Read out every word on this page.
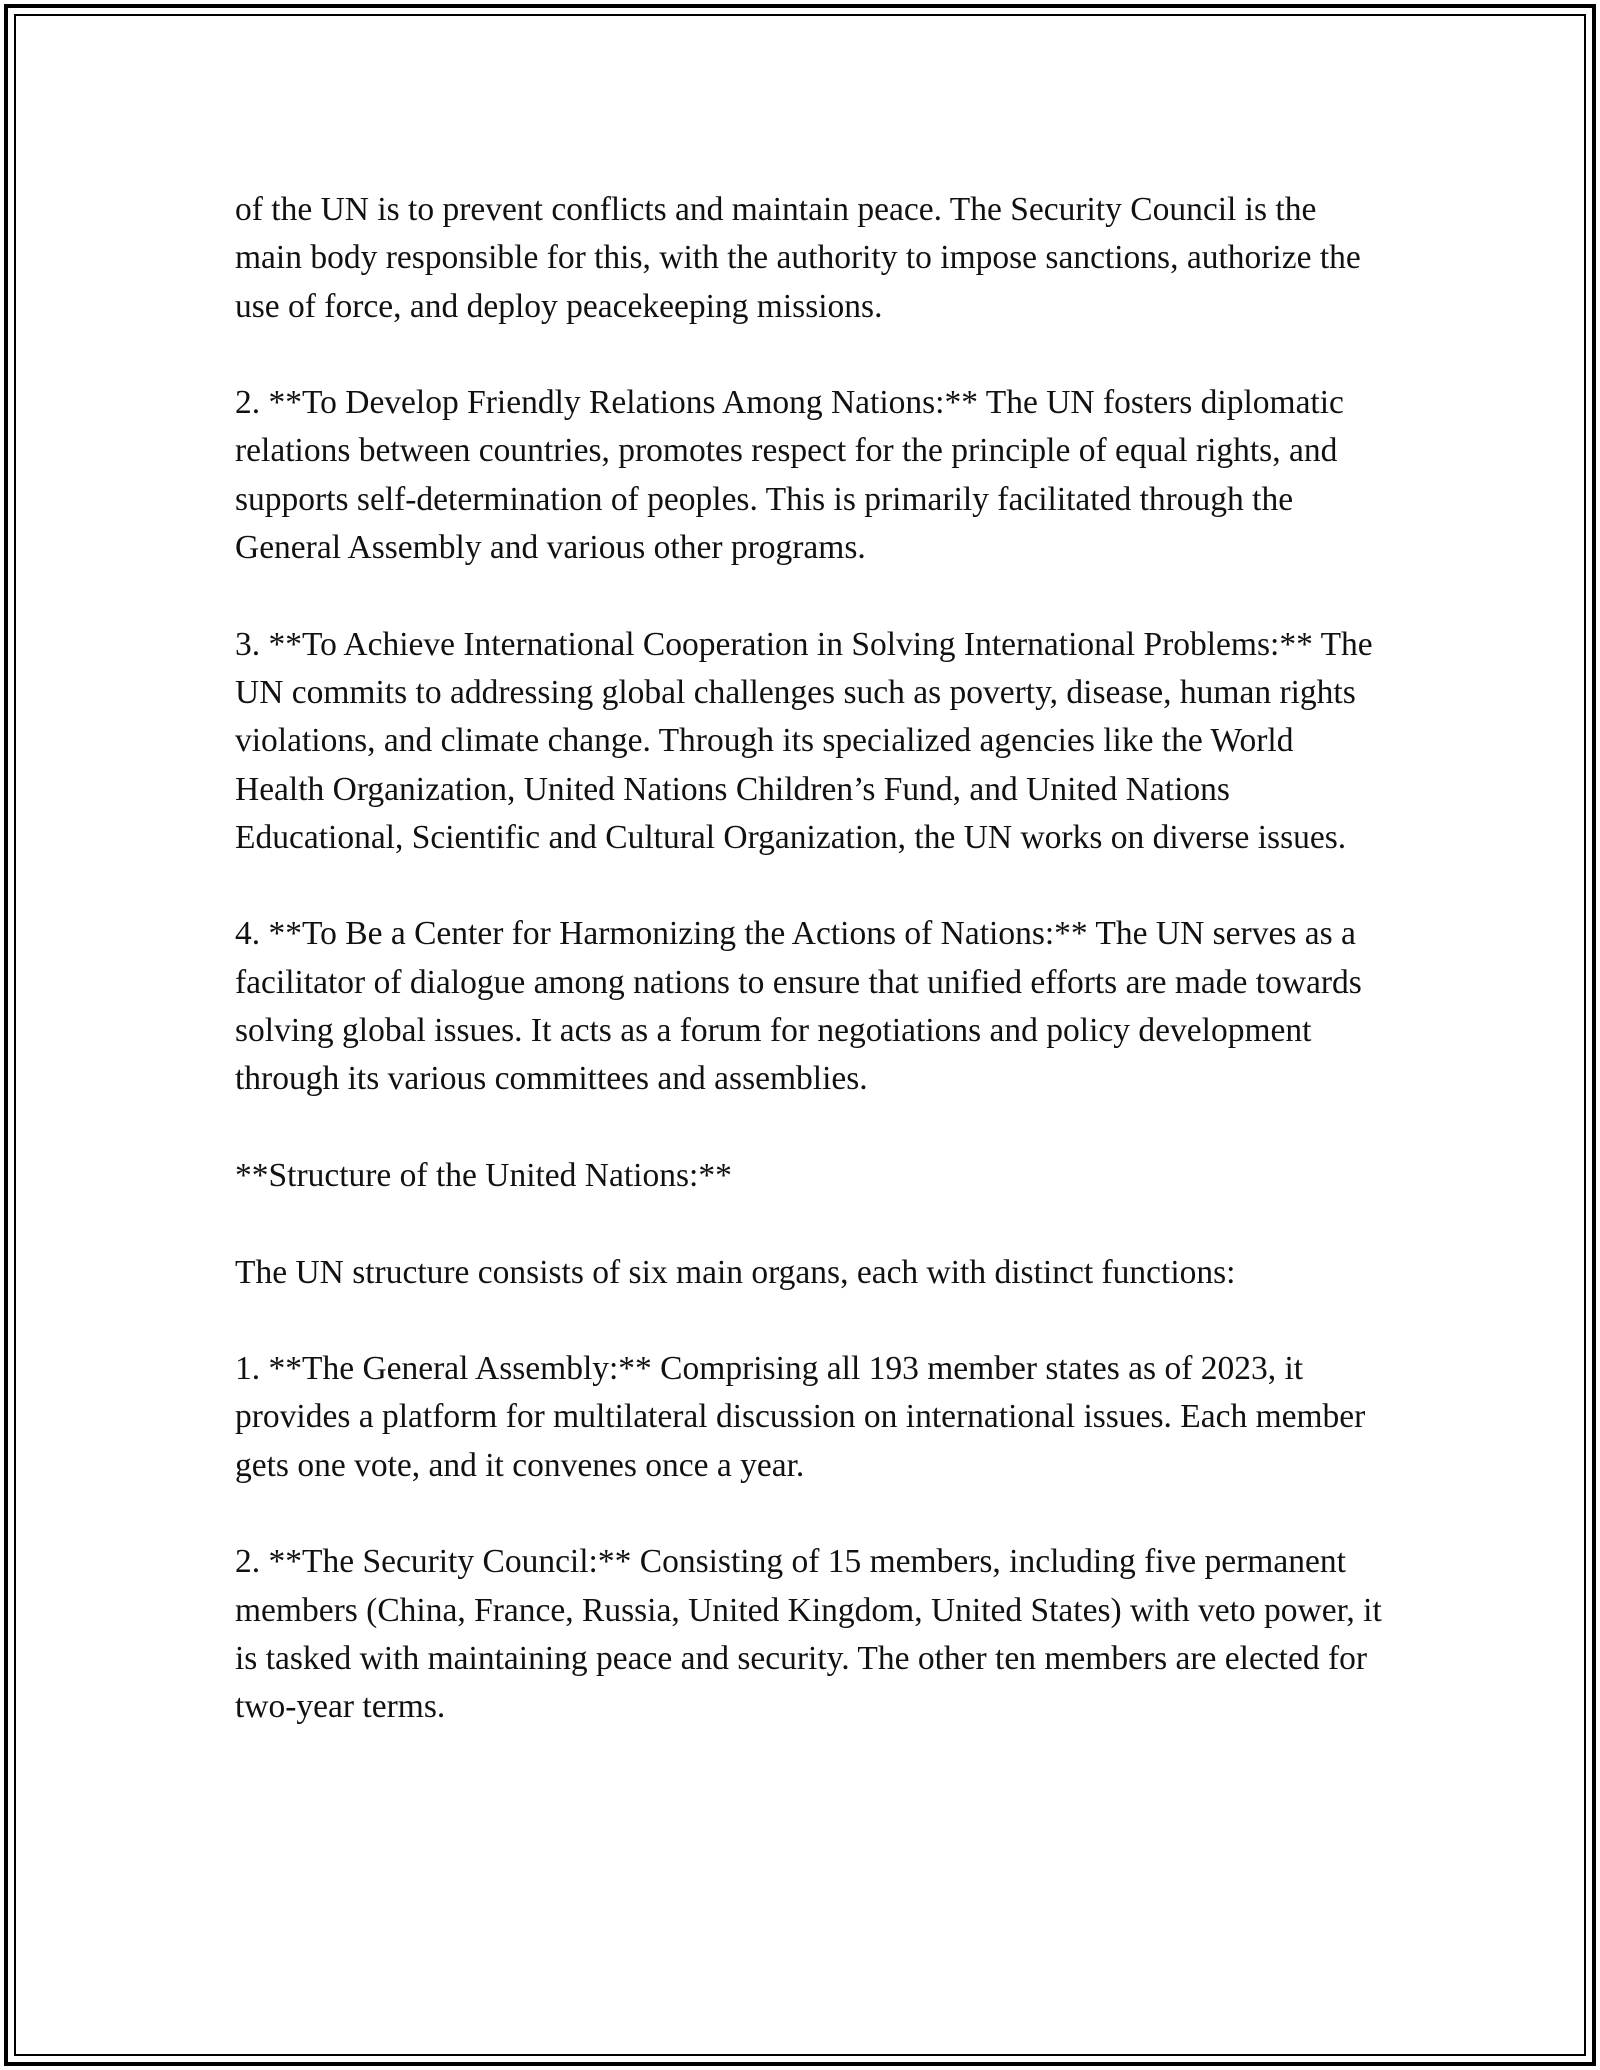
of the UN is to prevent conflicts and maintain peace. The Security Council is the main body responsible for this, with the authority to impose sanctions, authorize the use of force, and deploy peacekeeping missions.

2. **To Develop Friendly Relations Among Nations:** The UN fosters diplomatic relations between countries, promotes respect for the principle of equal rights, and supports self-determination of peoples. This is primarily facilitated through the General Assembly and various other programs.

3. **To Achieve International Cooperation in Solving International Problems:** The UN commits to addressing global challenges such as poverty, disease, human rights violations, and climate change. Through its specialized agencies like the World Health Organization, United Nations Children’s Fund, and United Nations Educational, Scientific and Cultural Organization, the UN works on diverse issues.

4. **To Be a Center for Harmonizing the Actions of Nations:** The UN serves as a facilitator of dialogue among nations to ensure that unified efforts are made towards solving global issues. It acts as a forum for negotiations and policy development through its various committees and assemblies.

**Structure of the United Nations:**

The UN structure consists of six main organs, each with distinct functions:

1. **The General Assembly:** Comprising all 193 member states as of 2023, it provides a platform for multilateral discussion on international issues. Each member gets one vote, and it convenes once a year.

2. **The Security Council:** Consisting of 15 members, including five permanent members (China, France, Russia, United Kingdom, United States) with veto power, it is tasked with maintaining peace and security. The other ten members are elected for two-year terms.
